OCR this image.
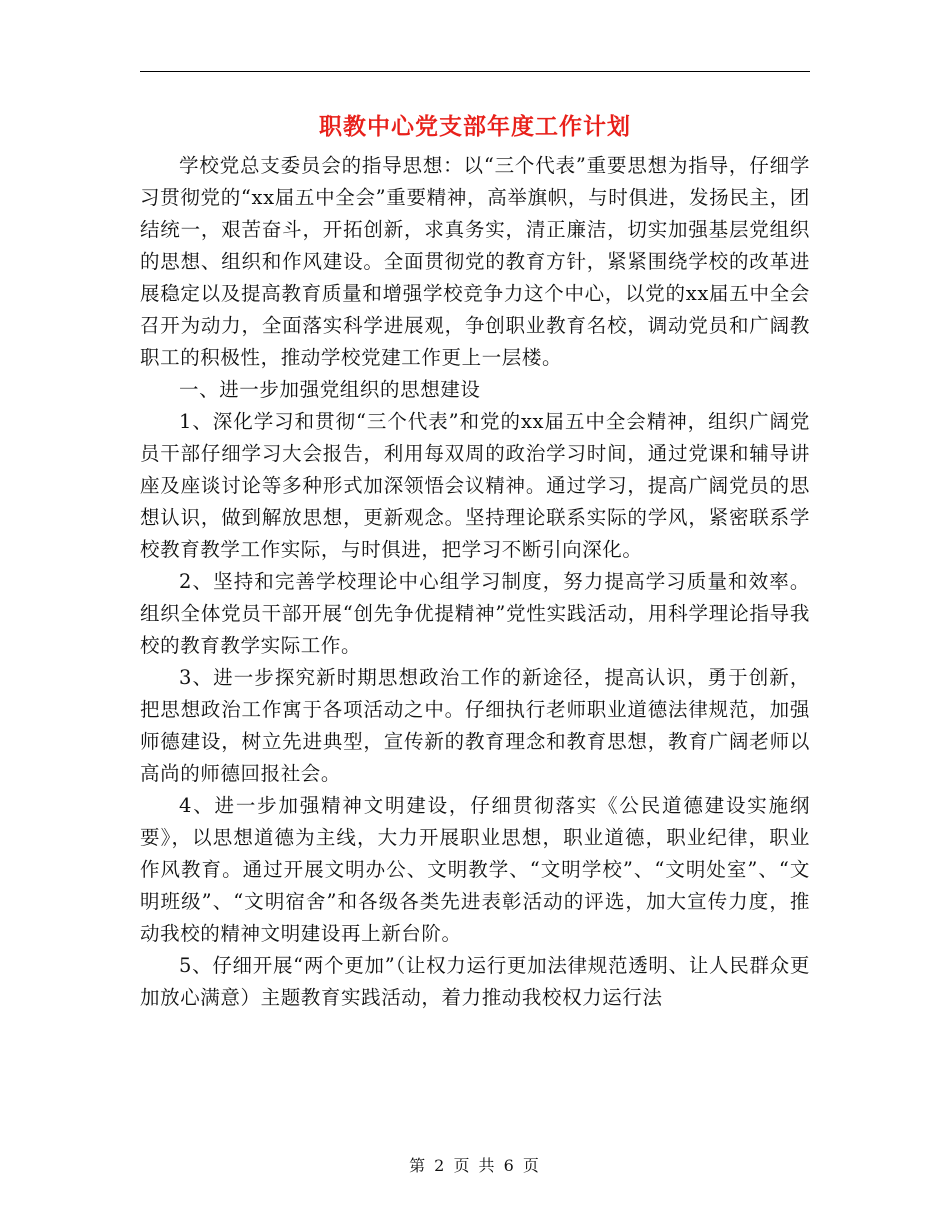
职教中心党支部年度工作计划

学校党总支委员会的指导思想：以“三个代表”重要思想为指导，仔细学习贯彻党的“xx届五中全会”重要精神，高举旗帜，与时俱进，发扬民主，团结统一，艰苦奋斗，开拓创新，求真务实，清正廉洁，切实加强基层党组织的思想、组织和作风建设。全面贯彻党的教育方针，紧紧围绕学校的改革进展稳定以及提高教育质量和增强学校竞争力这个中心，以党的xx届五中全会召开为动力，全面落实科学进展观，争创职业教育名校，调动党员和广阔教职工的积极性，推动学校党建工作更上一层楼。

一、进一步加强党组织的思想建设

1、深化学习和贯彻“三个代表”和党的xx届五中全会精神，组织广阔党员干部仔细学习大会报告，利用每双周的政治学习时间，通过党课和辅导讲座及座谈讨论等多种形式加深领悟会议精神。通过学习，提高广阔党员的思想认识，做到解放思想，更新观念。坚持理论联系实际的学风，紧密联系学校教育教学工作实际，与时俱进，把学习不断引向深化。

2、坚持和完善学校理论中心组学习制度，努力提高学习质量和效率。组织全体党员干部开展“创先争优提精神”党性实践活动，用科学理论指导我校的教育教学实际工作。

3、进一步探究新时期思想政治工作的新途径，提高认识，勇于创新，把思想政治工作寓于各项活动之中。仔细执行老师职业道德法律规范，加强师德建设，树立先进典型，宣传新的教育理念和教育思想，教育广阔老师以高尚的师德回报社会。

4、进一步加强精神文明建设，仔细贯彻落实《公民道德建设实施纲要》，以思想道德为主线，大力开展职业思想，职业道德，职业纪律，职业作风教育。通过开展文明办公、文明教学、“文明学校”、“文明处室”、“文明班级”、“文明宿舍”和各级各类先进表彰活动的评选，加大宣传力度，推动我校的精神文明建设再上新台阶。

5、仔细开展“两个更加”（让权力运行更加法律规范透明、让人民群众更加放心满意）主题教育实践活动，着力推动我校权力运行法

第 2 页 共 6 页
